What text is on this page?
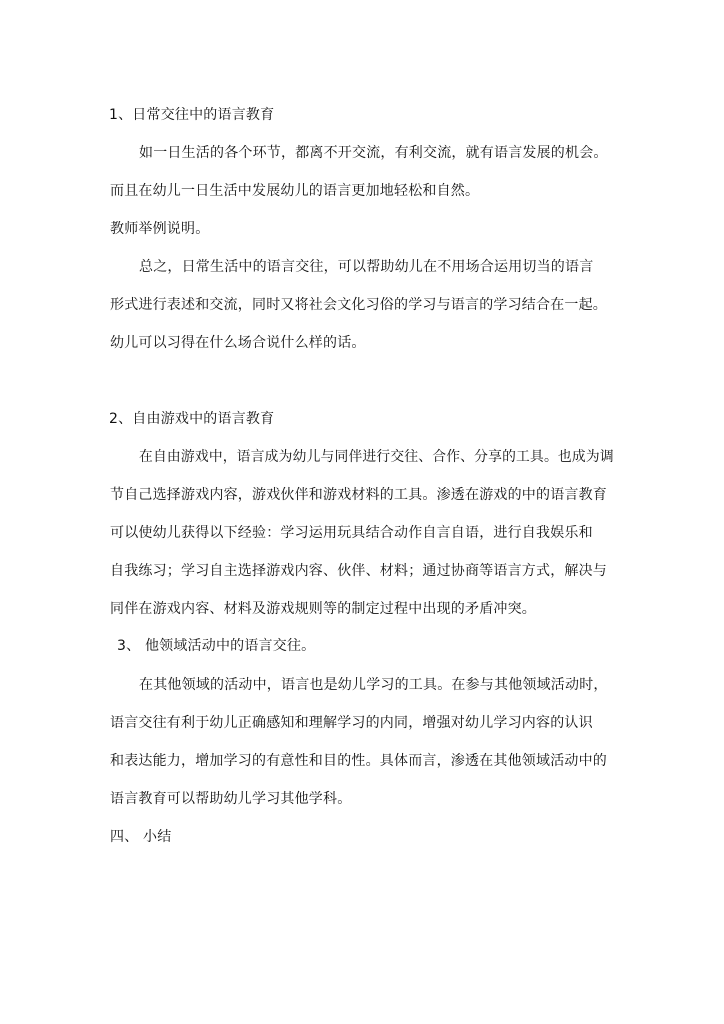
1、日常交往中的语言教育
如一日生活的各个环节，都离不开交流，有利交流，就有语言发展的机会。
而且在幼儿一日生活中发展幼儿的语言更加地轻松和自然。
教师举例说明。
总之，日常生活中的语言交往，可以帮助幼儿在不用场合运用切当的语言
形式进行表述和交流，同时又将社会文化习俗的学习与语言的学习结合在一起。
幼儿可以习得在什么场合说什么样的话。
2、自由游戏中的语言教育
在自由游戏中，语言成为幼儿与同伴进行交往、合作、分享的工具。也成为调
节自己选择游戏内容，游戏伙伴和游戏材料的工具。渗透在游戏的中的语言教育
可以使幼儿获得以下经验：学习运用玩具结合动作自言自语，进行自我娱乐和
自我练习；学习自主选择游戏内容、伙伴、材料；通过协商等语言方式，解决与
同伴在游戏内容、材料及游戏规则等的制定过程中出现的矛盾冲突。
3、 他领域活动中的语言交往。
在其他领域的活动中，语言也是幼儿学习的工具。在参与其他领域活动时，
语言交往有利于幼儿正确感知和理解学习的内同，增强对幼儿学习内容的认识
和表达能力，增加学习的有意性和目的性。具体而言，渗透在其他领域活动中的
语言教育可以帮助幼儿学习其他学科。
四、 小结
